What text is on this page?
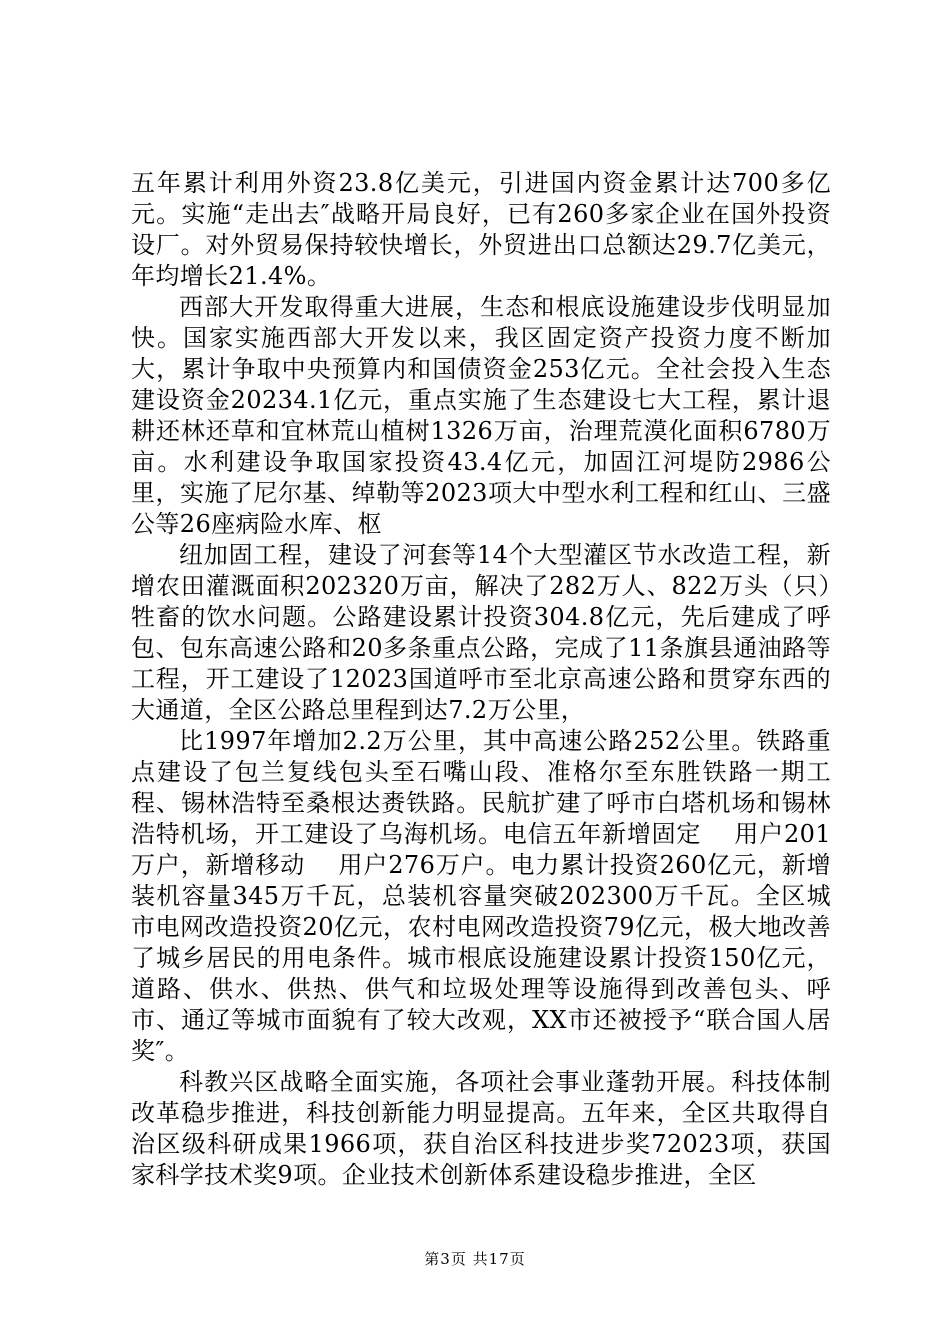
五年累计利用外资23.8亿美元，引进国内资金累计达700多亿元。实施“走出去″战略开局良好，已有260多家企业在国外投资设厂。对外贸易保持较快增长，外贸进出口总额达29.7亿美元，年均增长21.4%。

西部大开发取得重大进展，生态和根底设施建设步伐明显加快。国家实施西部大开发以来，我区固定资产投资力度不断加大，累计争取中央预算内和国债资金253亿元。全社会投入生态建设资金20234.1亿元，重点实施了生态建设七大工程，累计退耕还林还草和宜林荒山植树1326万亩，治理荒漠化面积6780万亩。水利建设争取国家投资43.4亿元，加固江河堤防2986公里，实施了尼尔基、绰勒等2023项大中型水利工程和红山、三盛公等26座病险水库、枢

纽加固工程，建设了河套等14个大型灌区节水改造工程，新增农田灌溉面积202320万亩，解决了282万人、822万头（只）牲畜的饮水问题。公路建设累计投资304.8亿元，先后建成了呼包、包东高速公路和20多条重点公路，完成了11条旗县通油路等工程，开工建设了12023国道呼市至北京高速公路和贯穿东西的大通道，全区公路总里程到达7.2万公里，

比1997年增加2.2万公里，其中高速公路252公里。铁路重点建设了包兰复线包头至石嘴山段、准格尔至东胜铁路一期工程、锡林浩特至桑根达赉铁路。民航扩建了呼市白塔机场和锡林浩特机场，开工建设了乌海机场。电信五年新增固定　 用户201万户，新增移动　 用户276万户。电力累计投资260亿元，新增装机容量345万千瓦，总装机容量突破202300万千瓦。全区城市电网改造投资20亿元，农村电网改造投资79亿元，极大地改善了城乡居民的用电条件。城市根底设施建设累计投资150亿元，道路、供水、供热、供气和垃圾处理等设施得到改善包头、呼市、通辽等城市面貌有了较大改观，XX市还被授予“联合国人居奖″。

科教兴区战略全面实施，各项社会事业蓬勃开展。科技体制改革稳步推进，科技创新能力明显提高。五年来，全区共取得自治区级科研成果1966项，获自治区科技进步奖72023项，获国家科学技术奖9项。企业技术创新体系建设稳步推进，全区

第3页 共17页
